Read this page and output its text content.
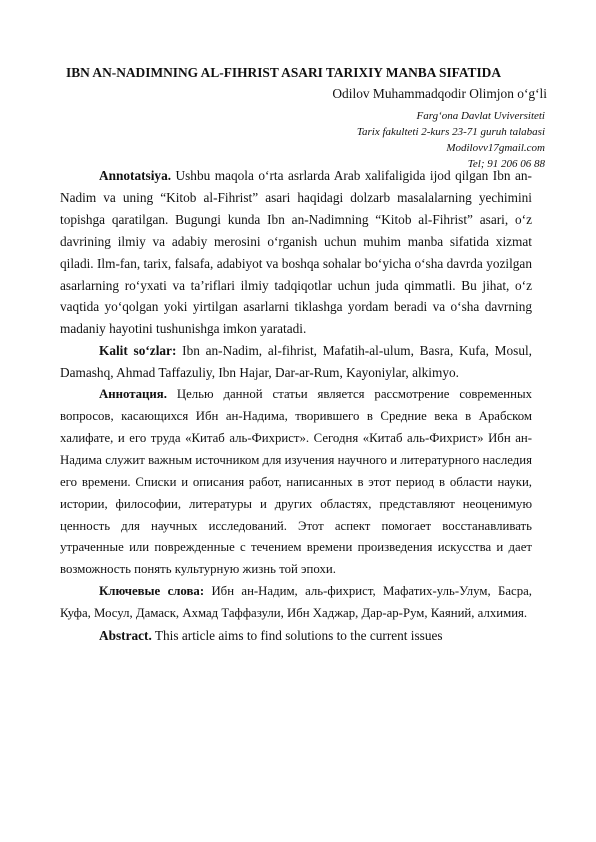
IBN AN-NADIMNING AL-FIHRIST ASARI TARIXIY MANBA SIFATIDA
Odilov Muhammadqodir Olimjon o‘g‘li
Farg‘ona Davlat Uviversiteti
Tarix fakulteti 2-kurs 23-71 guruh talabasi
Modilovv17gmail.com
Tel; 91 206 06 88

Annotatsiya. Ushbu maqola o‘rta asrlarda Arab xalifaligida ijod qilgan Ibn an-Nadim va uning “Kitob al-Fihrist” asari haqidagi dolzarb masalalarning yechimini topishga qaratilgan. Bugungi kunda Ibn an-Nadimning “Kitob al-Fihrist” asari, o‘z davrining ilmiy va adabiy merosini o‘rganish uchun muhim manba sifatida xizmat qiladi. Ilm-fan, tarix, falsafa, adabiyot va boshqa sohalar bo‘yicha o‘sha davrda yozilgan asarlarning ro‘yxati va ta’riflari ilmiy tadqiqotlar uchun juda qimmatli. Bu jihat, o‘z vaqtida yo‘qolgan yoki yirtilgan asarlarni tiklashga yordam beradi va o‘sha davrning madaniy hayotini tushunishga imkon yaratadi.

Kalit so‘zlar: Ibn an-Nadim, al-fihrist, Mafatih-al-ulum, Basra, Kufa, Mosul, Damashq, Ahmad Taffazuliy, Ibn Hajar, Dar-ar-Rum, Kayoniylar, alkimyo.

Аннотация. Целью данной статьи является рассмотрение современных вопросов, касающихся Ибн ан-Надима, творившего в Средние века в Арабском халифате, и его труда «Китаб аль-Фихрист». Сегодня «Китаб аль-Фихрист» Ибн ан-Надима служит важным источником для изучения научного и литературного наследия его времени. Списки и описания работ, написанных в этот период в области науки, истории, философии, литературы и других областях, представляют неоценимую ценность для научных исследований. Этот аспект помогает восстанавливать утраченные или поврежденные с течением времени произведения искусства и дает возможность понять культурную жизнь той эпохи.

Ключевые слова: Ибн ан-Надим, аль-фихрист, Мафатих-уль-Улум, Басра, Куфа, Мосул, Дамаск, Ахмад Таффазули, Ибн Хаджар, Дар-ар-Рум, Каяний, алхимия.

Abstract. This article aims to find solutions to the current issues
